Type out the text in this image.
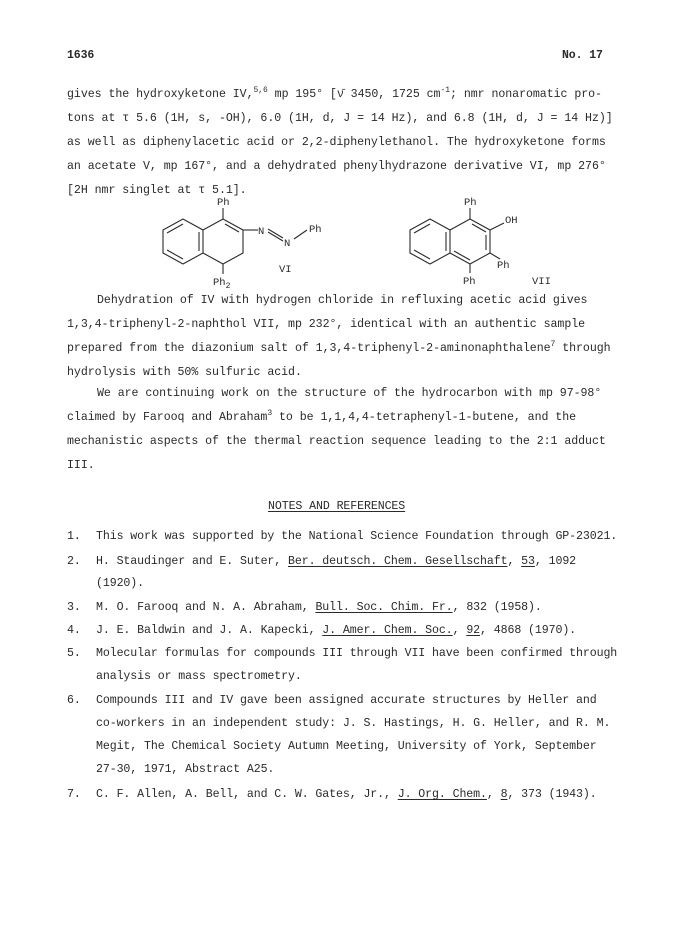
1636	No. 17
gives the hydroxyketone IV,$^{5,6}$ mp 195° [ν̄ 3450, 1725 $cm^{-1}$; nmr nonaromatic pro-
tons at τ 5.6 (1H, s, -OH), 6.0 (1H, d, J = 14 Hz), and 6.8 (1H, d, J = 14 Hz)]
as well as diphenylacetic acid or 2,2-diphenylethanol. The hydroxyketone forms
an acetate V, mp 167°, and a dehydrated phenylhydrazone derivative VI, mp 276°
[2H nmr singlet at τ 5.1].
Ph
N
N
Ph
VI
$Ph_2$
Ph
OH
Ph
Ph	VII
Dehydration of IV with hydrogen chloride in refluxing acetic acid gives
1,3,4-triphenyl-2-naphthol VII, mp 232°, identical with an authentic sample
prepared from the diazonium salt of 1,3,4-triphenyl-2-aminonaphthalene$^7$ through
hydrolysis with 50% sulfuric acid.
We are continuing work on the structure of the hydrocarbon with mp 97-98°
claimed by Farooq and Abraham$^3$ to be 1,1,4,4-tetraphenyl-1-butene, and the
mechanistic aspects of the thermal reaction sequence leading to the 2:1 adduct
III.
NOTES AND REFERENCES
1. This work was supported by the National Science Foundation through GP-23021.
2. H. Staudinger and E. Suter, Ber. deutsch. Chem. Gesellschaft, 53, 1092
(1920).
3. M. O. Farooq and N. A. Abraham, Bull. Soc. Chim. Fr., 832 (1958).
4. J. E. Baldwin and J. A. Kapecki, J. Amer. Chem. Soc., 92, 4868 (1970).
5. Molecular formulas for compounds III through VII have been confirmed through
analysis or mass spectrometry.
6. Compounds III and IV gave been assigned accurate structures by Heller and
co-workers in an independent study: J. S. Hastings, H. G. Heller, and R. M.
Megit, The Chemical Society Autumn Meeting, University of York, September
27-30, 1971, Abstract A25.
7. C. F. Allen, A. Bell, and C. W. Gates, Jr., J. Org. Chem., 8, 373 (1943).
